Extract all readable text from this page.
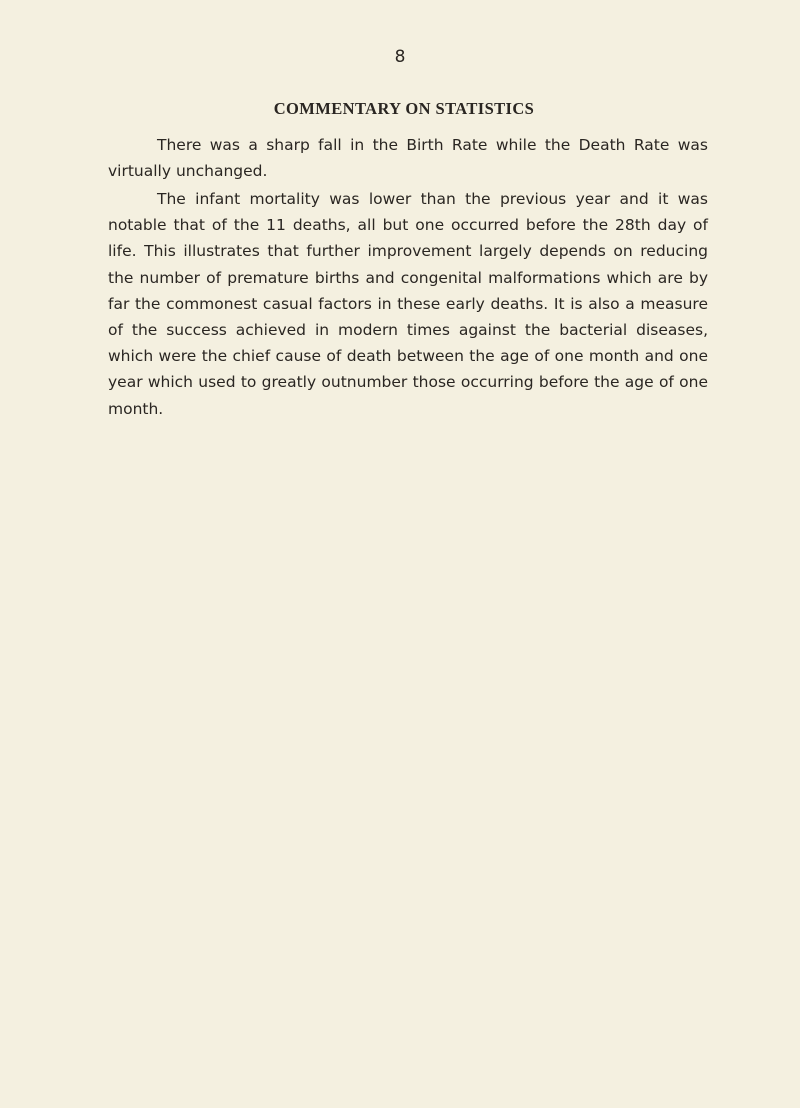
8
COMMENTARY ON STATISTICS

There was a sharp fall in the Birth Rate while the Death Rate was virtually unchanged.

The infant mortality was lower than the previous year and it was notable that of the 11 deaths, all but one occurred before the 28th day of life. This illustrates that further improvement largely depends on reducing the number of premature births and congenital malformations which are by far the commonest casual factors in these early deaths. It is also a measure of the success achieved in modern times against the bacterial diseases, which were the chief cause of death between the age of one month and one year which used to greatly outnumber those occurring before the age of one month.
